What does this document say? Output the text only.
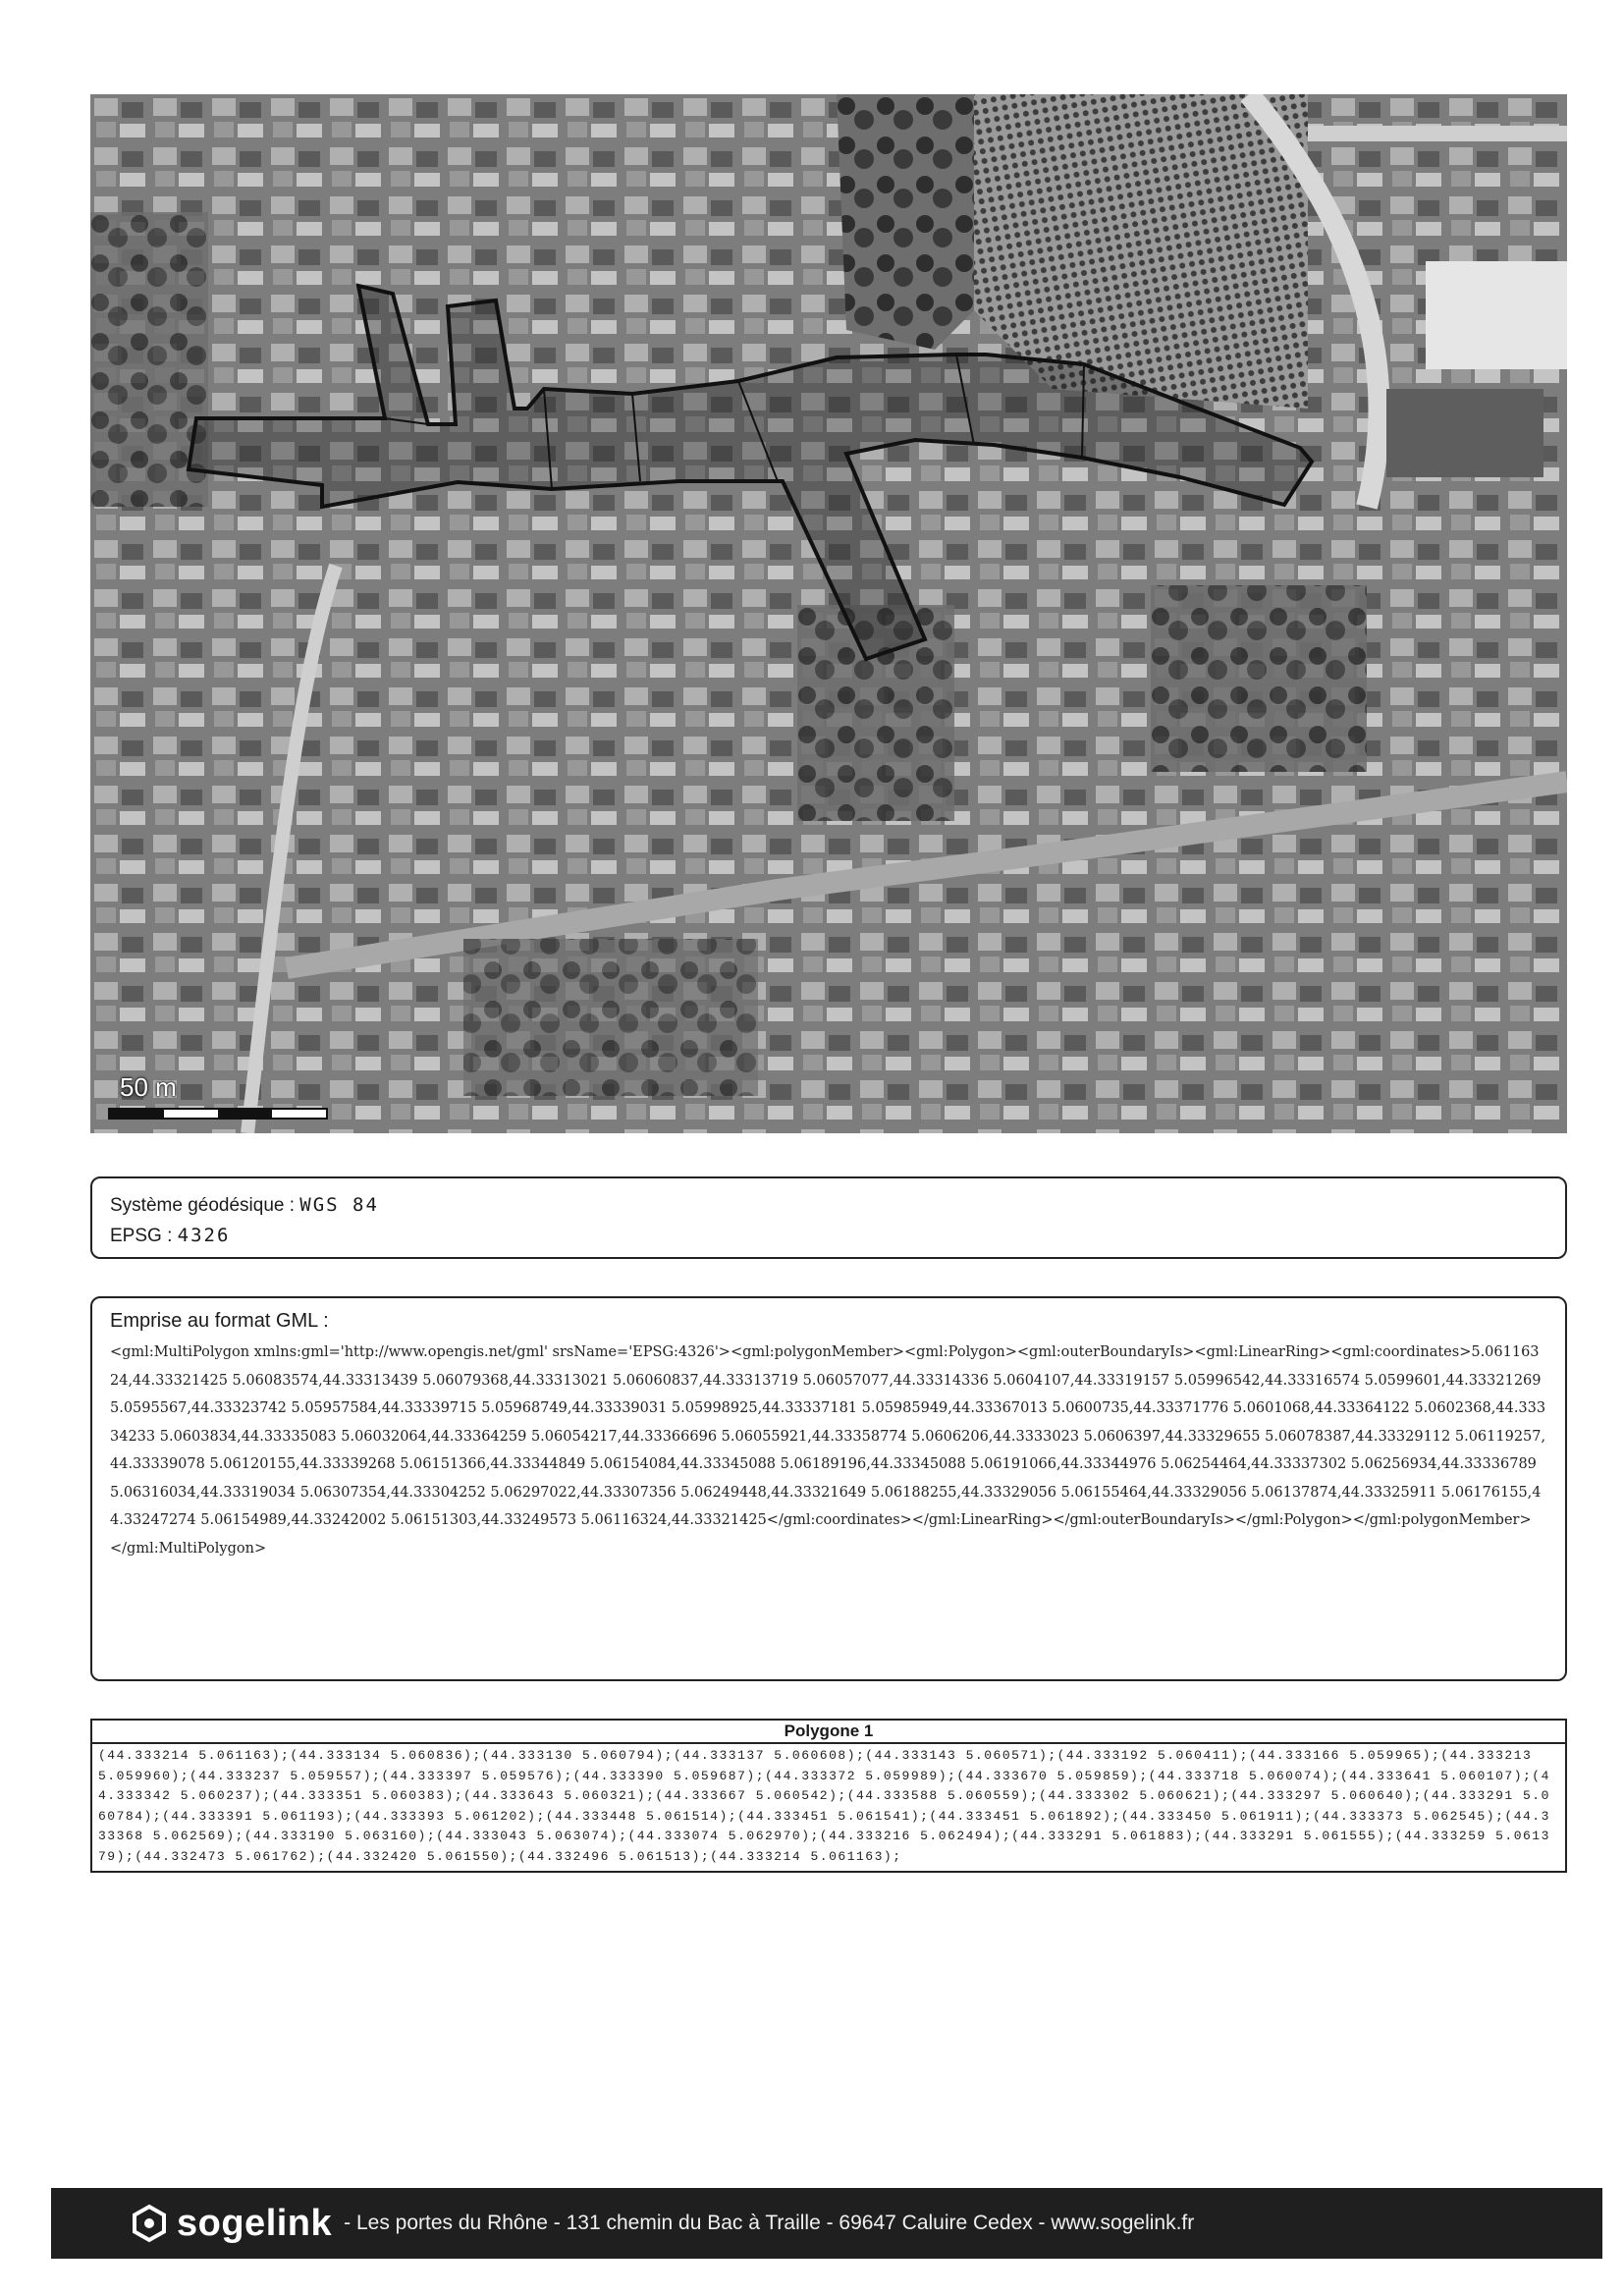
50 m
Système géodésique : WGS 84
EPSG : 4326
Emprise au format GML :
<gml:MultiPolygon xmlns:gml='http://www.opengis.net/gml' srsName='EPSG:4326'><gml:polygonMember><gml:Polygon><gml:outerBoundaryIs><gml:LinearRing><gml:coordinates>5.06116324,44.33321425 5.06083574,44.33313439 5.06079368,44.33313021 5.06060837,44.33313719 5.06057077,44.33314336 5.0604107,44.33319157 5.05996542,44.33316574 5.0599601,44.33321269 5.0595567,44.33323742 5.05957584,44.33339715 5.05968749,44.33339031 5.05998925,44.33337181 5.05985949,44.33367013 5.0600735,44.33371776 5.0601068,44.33364122 5.0602368,44.33334233 5.0603834,44.33335083 5.06032064,44.33364259 5.06054217,44.33366696 5.06055921,44.33358774 5.0606206,44.3333023 5.0606397,44.33329655 5.06078387,44.33329112 5.06119257,44.33339078 5.06120155,44.33339268 5.06151366,44.33344849 5.06154084,44.33345088 5.06189196,44.33345088 5.06191066,44.33344976 5.06254464,44.33337302 5.06256934,44.33336789 5.06316034,44.33319034 5.06307354,44.33304252 5.06297022,44.33307356 5.06249448,44.33321649 5.06188255,44.33329056 5.06155464,44.33329056 5.06137874,44.33325911 5.06176155,44.33247274 5.06154989,44.33242002 5.06151303,44.33249573 5.06116324,44.33321425</gml:coordinates></gml:LinearRing></gml:outerBoundaryIs></gml:Polygon></gml:polygonMember></gml:MultiPolygon>
Polygone 1
(44.333214 5.061163);(44.333134 5.060836);(44.333130 5.060794);(44.333137 5.060608);(44.333143 5.060571);(44.333192 5.060411);(44.333166 5.059965);(44.333213 5.059960);(44.333237 5.059557);(44.333397 5.059576);(44.333390 5.059687);(44.333372 5.059989);(44.333670 5.059859);(44.333718 5.060074);(44.333641 5.060107);(44.333342 5.060237);(44.333351 5.060383);(44.333643 5.060321);(44.333667 5.060542);(44.333588 5.060559);(44.333302 5.060621);(44.333297 5.060640);(44.333291 5.060784);(44.333391 5.061193);(44.333393 5.061202);(44.333448 5.061514);(44.333451 5.061541);(44.333451 5.061892);(44.333450 5.061911);(44.333373 5.062545);(44.333368 5.062569);(44.333190 5.063160);(44.333043 5.063074);(44.333074 5.062970);(44.333216 5.062494);(44.333291 5.061883);(44.333291 5.061555);(44.333259 5.061379);(44.332473 5.061762);(44.332420 5.061550);(44.332496 5.061513);(44.333214 5.061163);
sogelink - Les portes du Rhône - 131 chemin du Bac à Traille - 69647 Caluire Cedex - www.sogelink.fr
